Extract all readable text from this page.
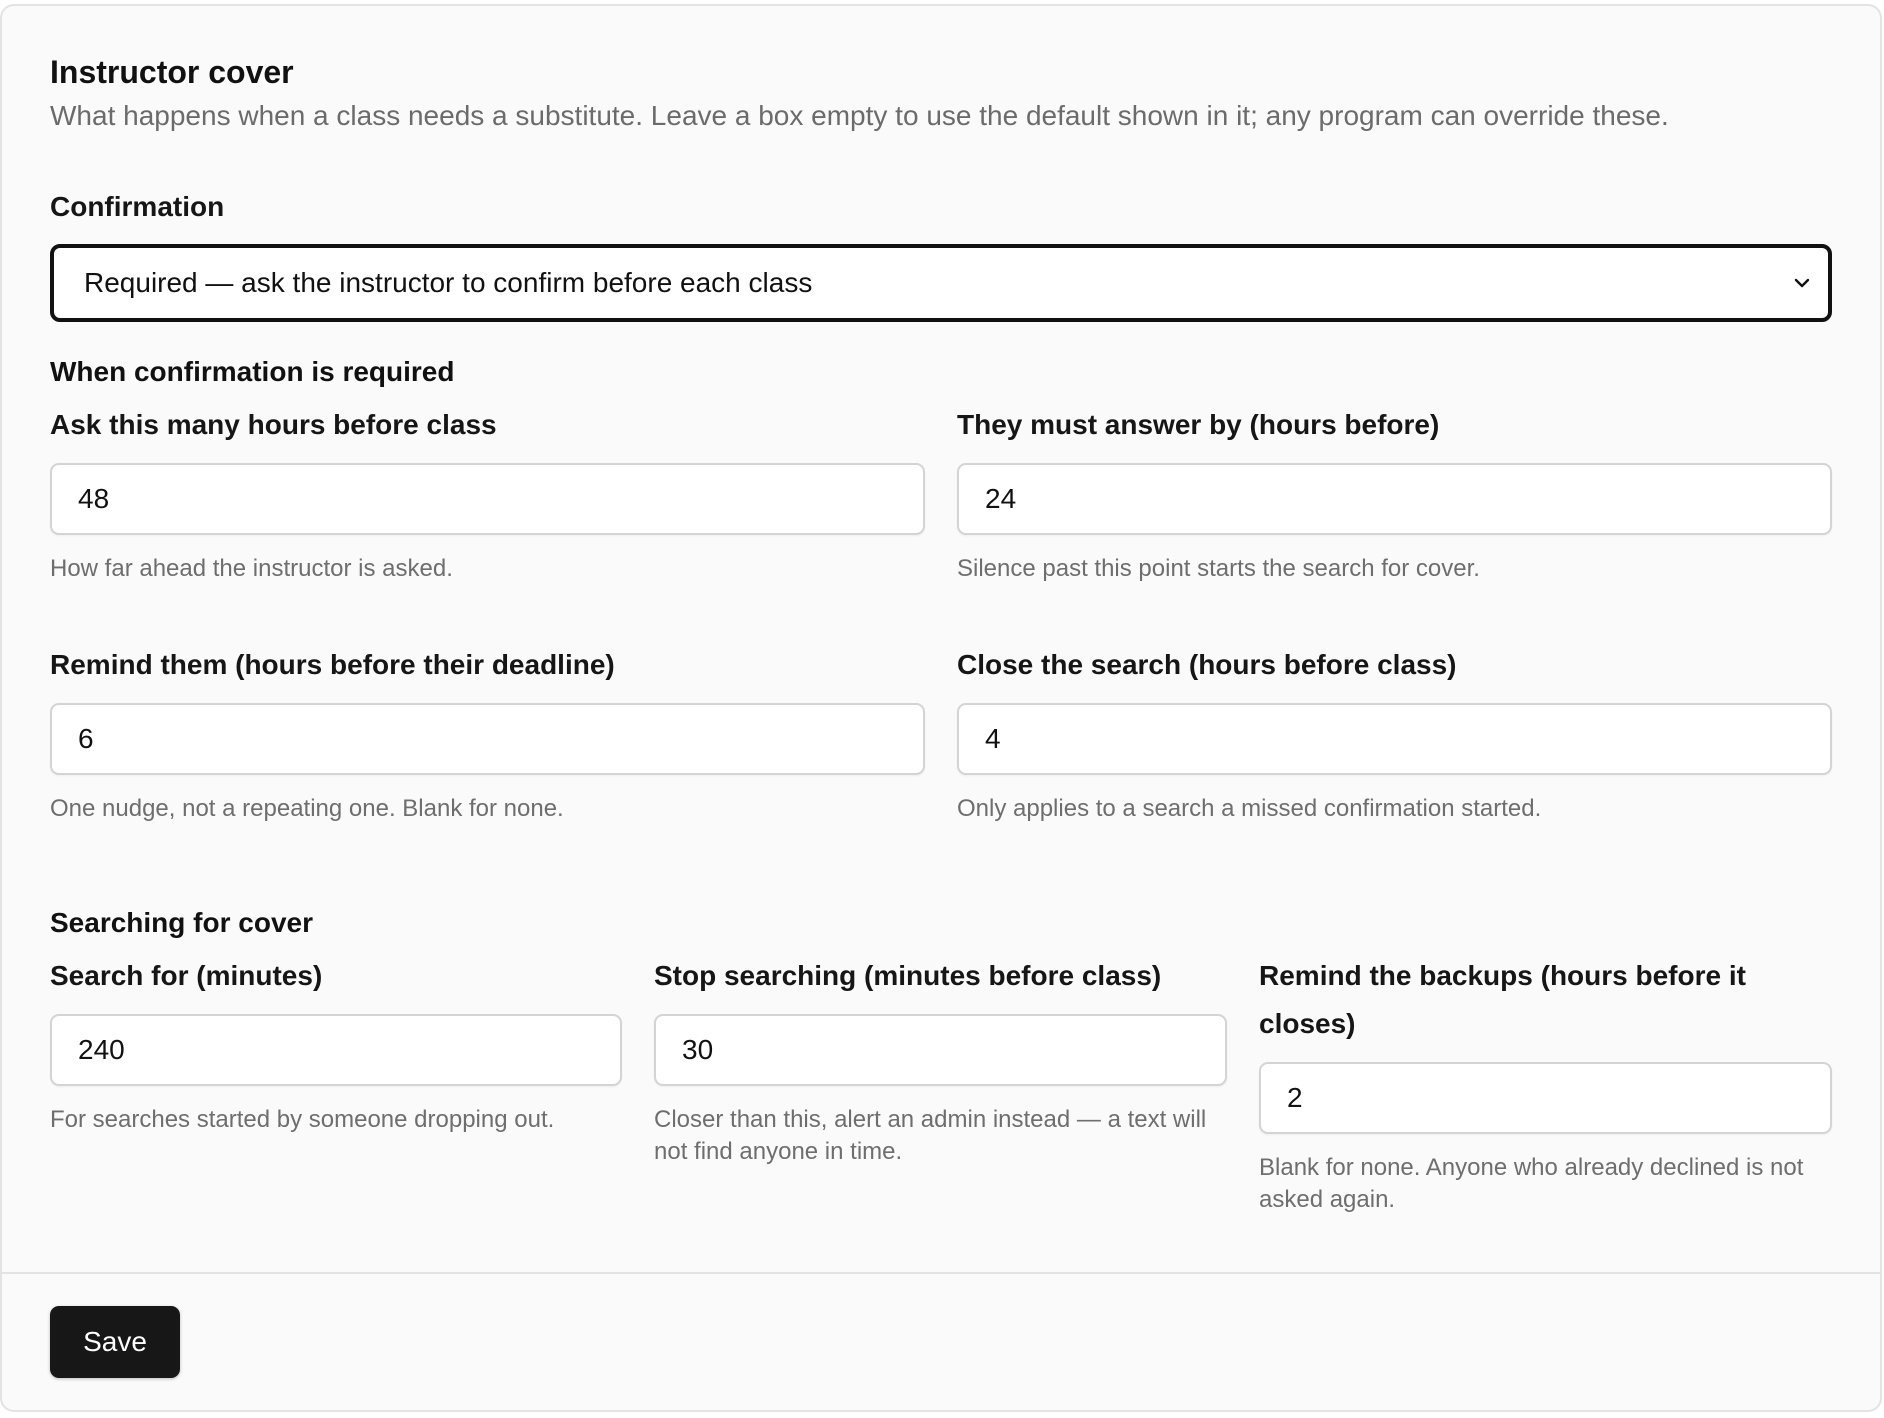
Instructor cover

What happens when a class needs a substitute. Leave a box empty to use the default shown in it; any program can override these.

Confirmation
Required — ask the instructor to confirm before each class
When confirmation is required
Ask this many hours before class
48
How far ahead the instructor is asked.
They must answer by (hours before)
24
Silence past this point starts the search for cover.
Remind them (hours before their deadline)
6
One nudge, not a repeating one. Blank for none.
Close the search (hours before class)
4
Only applies to a search a missed confirmation started.
Searching for cover
Search for (minutes)
240
For searches started by someone dropping out.
Stop searching (minutes before class)
30
Closer than this, alert an admin instead — a text will not find anyone in time.
Remind the backups (hours before it closes)
2
Blank for none. Anyone who already declined is not asked again.
Save
